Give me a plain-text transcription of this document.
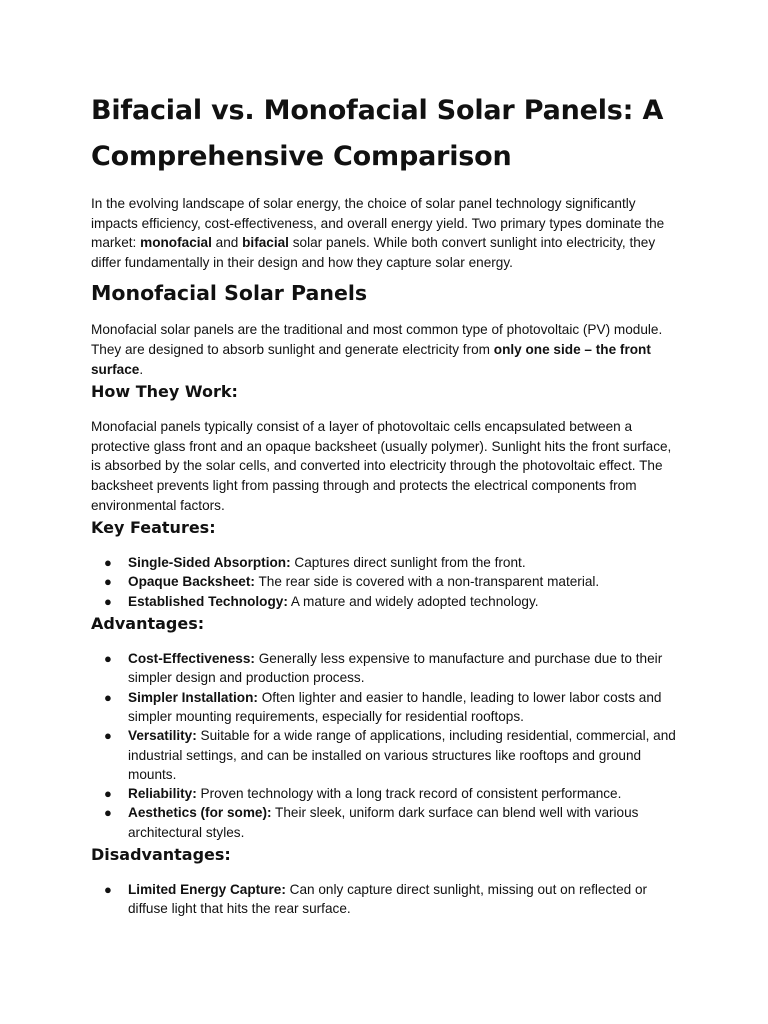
Bifacial vs. Monofacial Solar Panels: A Comprehensive Comparison

In the evolving landscape of solar energy, the choice of solar panel technology significantly impacts efficiency, cost-effectiveness, and overall energy yield. Two primary types dominate the market: monofacial and bifacial solar panels. While both convert sunlight into electricity, they differ fundamentally in their design and how they capture solar energy.

Monofacial Solar Panels

Monofacial solar panels are the traditional and most common type of photovoltaic (PV) module. They are designed to absorb sunlight and generate electricity from only one side – the front surface.

How They Work:

Monofacial panels typically consist of a layer of photovoltaic cells encapsulated between a protective glass front and an opaque backsheet (usually polymer). Sunlight hits the front surface, is absorbed by the solar cells, and converted into electricity through the photovoltaic effect. The backsheet prevents light from passing through and protects the electrical components from environmental factors.

Key Features:
● Single-Sided Absorption: Captures direct sunlight from the front.
● Opaque Backsheet: The rear side is covered with a non-transparent material.
● Established Technology: A mature and widely adopted technology.
Advantages:
● Cost-Effectiveness: Generally less expensive to manufacture and purchase due to their simpler design and production process.
● Simpler Installation: Often lighter and easier to handle, leading to lower labor costs and simpler mounting requirements, especially for residential rooftops.
● Versatility: Suitable for a wide range of applications, including residential, commercial, and industrial settings, and can be installed on various structures like rooftops and ground mounts.
● Reliability: Proven technology with a long track record of consistent performance.
● Aesthetics (for some): Their sleek, uniform dark surface can blend well with various architectural styles.
Disadvantages:
● Limited Energy Capture: Can only capture direct sunlight, missing out on reflected or diffuse light that hits the rear surface.
